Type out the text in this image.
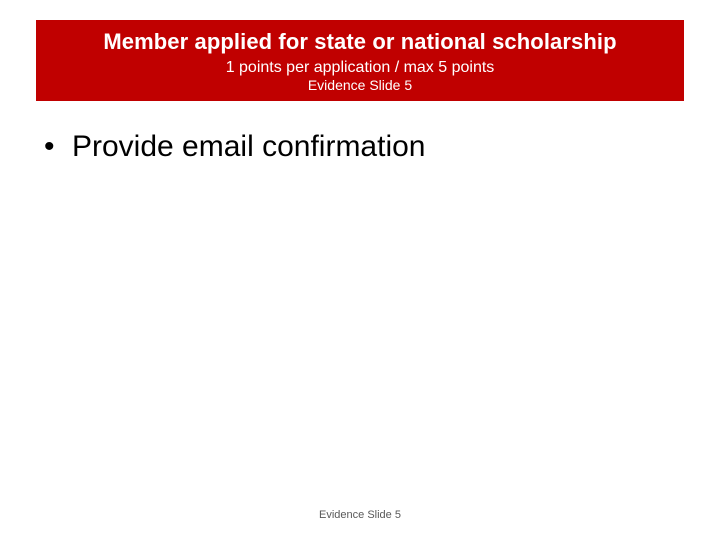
Member applied for state or national scholarship
1 points per application / max 5 points
Evidence Slide 5
• Provide email confirmation
Evidence Slide 5
